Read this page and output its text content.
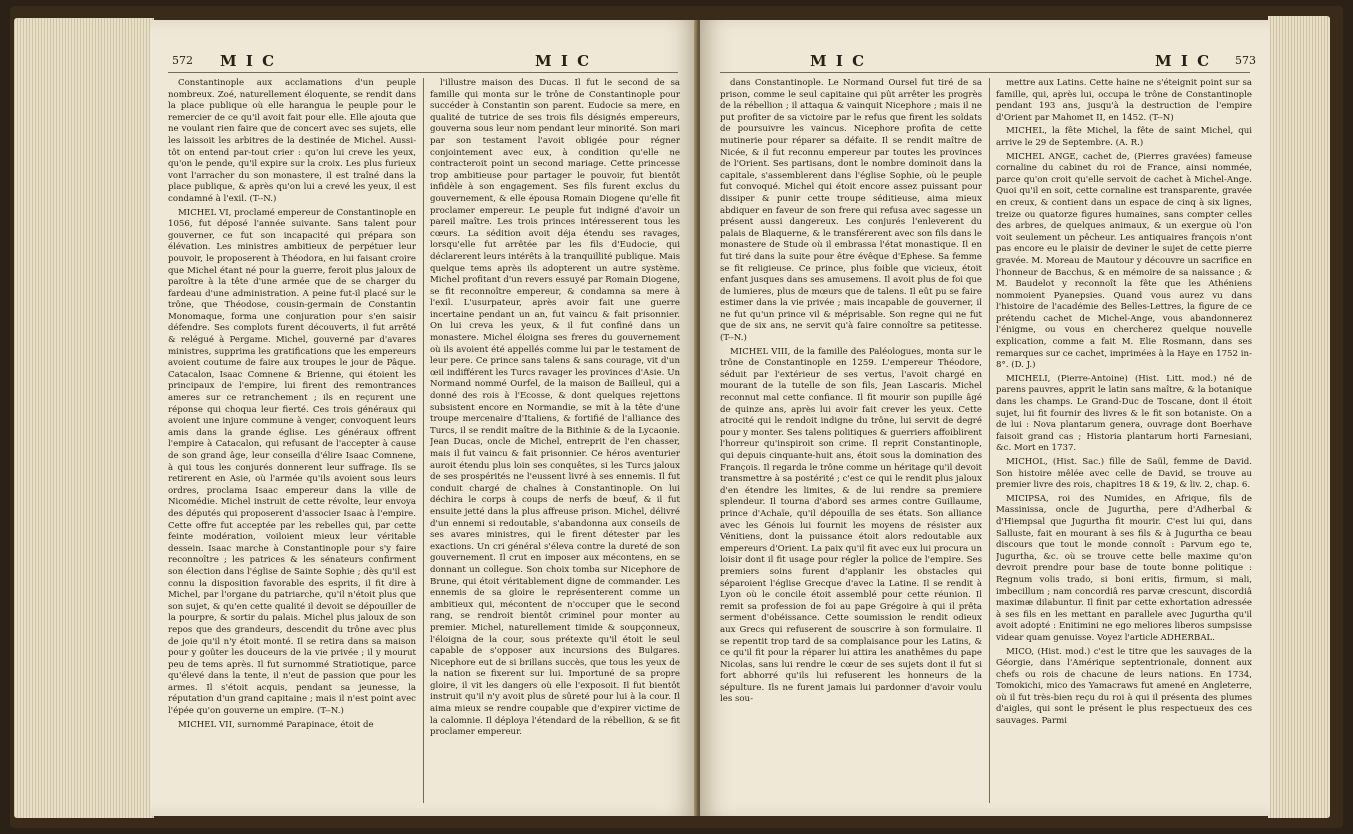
572 M I C	M I C

Constantinople aux acclamations d'un peuple nombreux. Zoé, naturellement éloquente, se rendit dans la place publique où elle harangua le peuple pour le remercier de ce qu'il avoit fait pour elle. Elle ajouta que ne voulant rien faire que de concert avec ses sujets, elle les laissoit les arbitres de la destinée de Michel. Aussi-tôt on entend par-tout crier : qu'on lui creve les yeux, qu'on le pende, qu'il expire sur la croix. Les plus furieux vont l'arracher du son monastere, il est traîné dans la place publique, & après qu'on lui a crevé les yeux, il est condamné à l'exil. (T--N.)

MICHEL VI, proclamé empereur de Constantinople en 1056, fut déposé l'année suivante. Sans talent pour gouverner, ce fut son incapacité qui prépara son élévation. Les ministres ambitieux de perpétuer leur pouvoir, le proposerent à Théodora, en lui faisant croire que Michel étant né pour la guerre, feroit plus jaloux de paroître à la tête d'une armée que de se charger du fardeau d'une administration. A peine fut-il placé sur le trône, que Théodose, cousin-germain de Constantin Monomaque, forma une conjuration pour s'en saisir défendre. Ses complots furent découverts, il fut arrêté & relégué à Pergame. Michel, gouverné par d'avares ministres, supprima les gratifications que les empereurs avoient coutume de faire aux troupes le jour de Pâque. Catacalon, Isaac Comnene & Brienne, qui étoient les principaux de l'empire, lui firent des remontrances ameres sur ce retranchement ; ils en reçurent une réponse qui choqua leur fierté. Ces trois généraux qui avoient une injure commune à venger, convoquent leurs amis dans la grande église. Les généraux offrent l'empire à Catacalon, qui refusant de l'accepter à cause de son grand âge, leur conseilla d'élire Isaac Comnene, à qui tous les conjurés donnerent leur suffrage. Ils se retirerent en Asie, où l'armée qu'ils avoient sous leurs ordres, proclama Isaac empereur dans la ville de Nicomédie. Michel instruit de cette révolte, leur envoya des députés qui proposerent d'associer Isaac à l'empire. Cette offre fut acceptée par les rebelles qui, par cette feinte modération, voiloient mieux leur véritable dessein. Isaac marche à Constantinople pour s'y faire reconnoître ; les patrices & les sénateurs confirment son élection dans l'église de Sainte Sophie ; dès qu'il est connu la disposition favorable des esprits, il fit dire à Michel, par l'organe du patriarche, qu'il n'étoit plus que son sujet, & qu'en cette qualité il devoit se dépouiller de la pourpre, & sortir du palais. Michel plus jaloux de son repos que des grandeurs, descendit du trône avec plus de joie qu'il n'y étoit monté. Il se retira dans sa maison pour y goûter les douceurs de la vie privée ; il y mourut peu de tems après. Il fut surnommé Stratiotique, parce qu'élevé dans la tente, il n'eut de passion que pour les armes. Il s'étoit acquis, pendant sa jeunesse, la réputation d'un grand capitaine ; mais il n'est point avec l'épée qu'on gouverne un empire. (T--N.)

MICHEL VII, surnommé Parapinace, étoit de

l'illustre maison des Ducas. Il fut le second de sa famille qui monta sur le trône de Constantinople pour succéder à Constantin son parent. Eudocie sa mere, en qualité de tutrice de ses trois fils désignés empereurs, gouverna sous leur nom pendant leur minorité. Son mari par son testament l'avoit obligée pour régner conjointement avec eux, à condition qu'elle ne contracteroit point un second mariage. Cette princesse trop ambitieuse pour partager le pouvoir, fut bientôt infidèle à son engagement. Ses fils furent exclus du gouvernement, & elle épousa Romain Diogene qu'elle fit proclamer empereur. Le peuple fut indigné d'avoir un pareil maître. Les trois princes intéresserent tous les cœurs. La sédition avoit déja étendu ses ravages, lorsqu'elle fut arrêtée par les fils d'Eudocie, qui déclarerent leurs intérêts à la tranquillité publique. Mais quelque tems après ils adopterent un autre système. Michel profitant d'un revers essuyé par Romain Diogene, se fit reconnoître empereur, & condamna sa mere à l'exil. L'usurpateur, après avoir fait une guerre incertaine pendant un an, fut vaincu & fait prisonnier. On lui creva les yeux, & il fut confiné dans un monastere. Michel éloigna ses freres du gouvernement où ils avoient été appellés comme lui par le testament de leur pere. Ce prince sans talens & sans courage, vit d'un œil indifférent les Turcs ravager les provinces d'Asie. Un Normand nommé Ourfel, de la maison de Bailleul, qui a donné des rois à l'Ecosse, & dont quelques rejettons subsistent encore en Normandie, se mit à la tête d'une troupe mercenaire d'Italiens, & fortifié de l'alliance des Turcs, il se rendit maître de la Bithinie & de la Lycaonie. Jean Ducas, oncle de Michel, entreprit de l'en chasser, mais il fut vaincu & fait prisonnier. Ce héros aventurier auroit étendu plus loin ses conquêtes, si les Turcs jaloux de ses prospérités ne l'eussent livré à ses ennemis. Il fut conduit chargé de chaînes à Constantinople. On lui déchira le corps à coups de nerfs de bœuf, & il fut ensuite jetté dans la plus affreuse prison. Michel, délivré d'un ennemi si redoutable, s'abandonna aux conseils de ses avares ministres, qui le firent détester par les exactions. Un cri général s'éleva contre la dureté de son gouvernement. Il crut en imposer aux mécontens, en se donnant un collegue. Son choix tomba sur Nicephore de Brune, qui étoit véritablement digne de commander. Les ennemis de sa gloire le représenterent comme un ambitieux qui, mécontent de n'occuper que le second rang, se rendroit bientôt criminel pour monter au premier. Michel, naturellement timide & soupçonneux, l'éloigna de la cour, sous prétexte qu'il étoit le seul capable de s'opposer aux incursions des Bulgares. Nicephore eut de si brillans succès, que tous les yeux de la nation se fixerent sur lui. Importuné de sa propre gloire, il vit les dangers où elle l'exposoit. Il fut bientôt instruit qu'il n'y avoit plus de sûreté pour lui à la cour. Il aima mieux se rendre coupable que d'expirer victime de la calomnie. Il déploya l'étendard de la rébellion, & se fit proclamer empereur.

M I C	M I C 573

dans Constantinople. Le Normand Oursel fut tiré de sa prison, comme le seul capitaine qui pût arrêter les progrès de la rébellion ; il attaqua & vainquit Nicephore ; mais il ne put profiter de sa victoire par le refus que firent les soldats de poursuivre les vaincus. Nicephore profita de cette mutinerie pour réparer sa défaite. Il se rendit maître de Nicée, & il fut reconnu empereur par toutes les provinces de l'Orient. Ses partisans, dont le nombre dominoit dans la capitale, s'assemblerent dans l'église Sophie, où le peuple fut convoqué. Michel qui étoit encore assez puissant pour dissiper & punir cette troupe séditieuse, aima mieux abdiquer en faveur de son frere qui refusa avec sagesse un présent aussi dangereux. Les conjurés l'enleverent du palais de Blaquerne, & le transférerent avec son fils dans le monastere de Stude où il embrassa l'état monastique. Il en fut tiré dans la suite pour être évêque d'Ephese. Sa femme se fit religieuse. Ce prince, plus foible que vicieux, étoit enfant jusques dans ses amusemens. Il avoit plus de foi que de lumieres, plus de mœurs que de talens. Il eût pu se faire estimer dans la vie privée ; mais incapable de gouverner, il ne fut qu'un prince vil & méprisable. Son regne qui ne fut que de six ans, ne servit qu'à faire connoître sa petitesse. (T--N.)

MICHEL VIII, de la famille des Paléologues, monta sur le trône de Constantinople en 1259. L'empereur Théodore, séduit par l'extérieur de ses vertus, l'avoit chargé en mourant de la tutelle de son fils, Jean Lascaris. Michel reconnut mal cette confiance. Il fit mourir son pupille âgé de quinze ans, après lui avoir fait crever les yeux. Cette atrocité qui le rendoit indigne du trône, lui servit de degré pour y monter. Ses talens politiques & guerriers affoiblirent l'horreur qu'inspiroit son crime. Il reprit Constantinople, qui depuis cinquante-huit ans, étoit sous la domination des François. Il regarda le trône comme un héritage qu'il devoit transmettre à sa postérité ; c'est ce qui le rendit plus jaloux d'en étendre les limites, & de lui rendre sa premiere splendeur. Il tourna d'abord ses armes contre Guillaume, prince d'Achaïe, qu'il dépouilla de ses états. Son alliance avec les Génois lui fournit les moyens de résister aux Vénitiens, dont la puissance étoit alors redoutable aux empereurs d'Orient. La paix qu'il fit avec eux lui procura un loisir dont il fit usage pour régler la police de l'empire. Ses premiers soins furent d'applanir les obstacles qui séparoient l'église Grecque d'avec la Latine. Il se rendit à Lyon où le concile étoit assemblé pour cette réunion. Il remit sa profession de foi au pape Grégoire à qui il prêta serment d'obéissance. Cette soumission le rendit odieux aux Grecs qui refuserent de souscrire à son formulaire. Il se repentit trop tard de sa complaisance pour les Latins, & ce qu'il fit pour la réparer lui attira les anathêmes du pape Nicolas, sans lui rendre le cœur de ses sujets dont il fut si fort abhorré qu'ils lui refuserent les honneurs de la sépulture. Ils ne furent jamais lui pardonner d'avoir voulu les sou-

mettre aux Latins. Cette haine ne s'éteignit point sur sa famille, qui, après lui, occupa le trône de Constantinople pendant 193 ans, jusqu'à la destruction de l'empire d'Orient par Mahomet II, en 1452. (T--N)

MICHEL, la fête Michel, la fête de saint Michel, qui arrive le 29 de Septembre. (A. R.)

MICHEL ANGE, cachet de, (Pierres gravées) fameuse cornaline du cabinet du roi de France, ainsi nommée, parce qu'on croit qu'elle servoit de cachet à Michel-Ange. Quoi qu'il en soit, cette cornaline est transparente, gravée en creux, & contient dans un espace de cinq à six lignes, treize ou quatorze figures humaines, sans compter celles des arbres, de quelques animaux, & un exergue où l'on voit seulement un pêcheur. Les antiquaires françois n'ont pas encore eu le plaisir de deviner le sujet de cette pierre gravée. M. Moreau de Mautour y découvre un sacrifice en l'honneur de Bacchus, & en mémoire de sa naissance ; & M. Baudelot y reconnoît la fête que les Athéniens nommoient Pyanepsies. Quand vous aurez vu dans l'histoire de l'académie des Belles-Lettres, la figure de ce prétendu cachet de Michel-Ange, vous abandonnerez l'énigme, ou vous en chercherez quelque nouvelle explication, comme a fait M. Elie Rosmann, dans ses remarques sur ce cachet, imprimées à la Haye en 1752 in-8°. (D. J.)

MICHELI, (Pierre-Antoine) (Hist. Litt. mod.) né de parens pauvres, apprit le latin sans maître, & la botanique dans les champs. Le Grand-Duc de Toscane, dont il étoit sujet, lui fit fournir des livres & le fit son botaniste. On a de lui : Nova plantarum genera, ouvrage dont Boerhave faisoit grand cas ; Historia plantarum horti Farnesiani, &c. Mort en 1737.

MICHOL, (Hist. Sac.) fille de Saül, femme de David. Son histoire mêlée avec celle de David, se trouve au premier livre des rois, chapitres 18 & 19, & liv. 2, chap. 6.

MICIPSA, roi des Numides, en Afrique, fils de Massinissa, oncle de Jugurtha, pere d'Adherbal & d'Hiempsal que Jugurtha fit mourir. C'est lui qui, dans Salluste, fait en mourant à ses fils & à Jugurtha ce beau discours que tout le monde connoît : Parvum ego te, Jugurtha, &c. où se trouve cette belle maxime qu'on devroit prendre pour base de toute bonne politique : Regnum volis trado, si boni eritis, firmum, si mali, imbecillum ; nam concordiâ res parvæ crescunt, discordiâ maximæ dilabuntur. Il finit par cette exhortation adressée à ses fils en les mettant en parallele avec Jugurtha qu'il avoit adopté : Enitimini ne ego meliores liberos sumpsisse videar quam genuisse. Voyez l'article ADHERBAL.

MICO, (Hist. mod.) c'est le titre que les sauvages de la Géorgie, dans l'Amérique septentrionale, donnent aux chefs ou rois de chacune de leurs nations. En 1734, Tomokichi, mico des Yamacraws fut amené en Angleterre, où il fut très-bien reçu du roi à qui il présenta des plumes d'aigles, qui sont le présent le plus respectueux des ces sauvages. Parmi
